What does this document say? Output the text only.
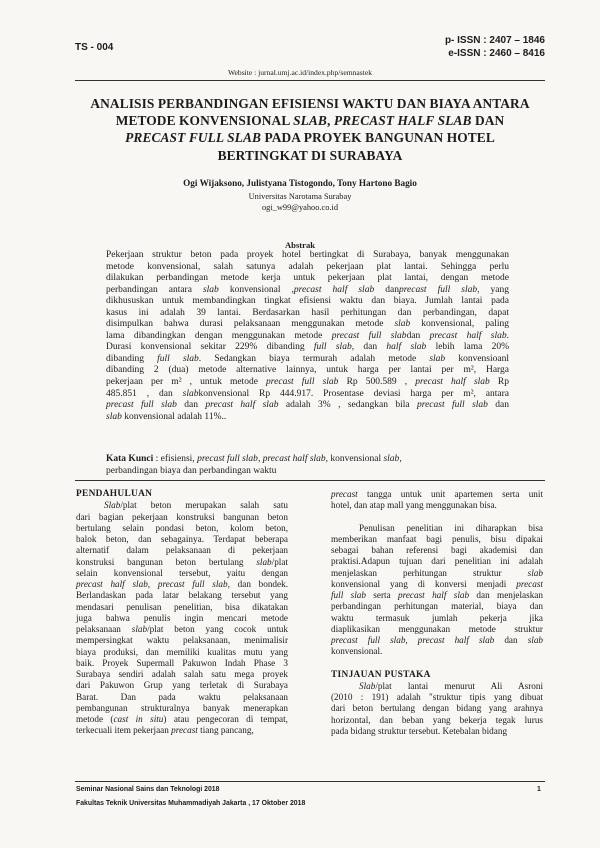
TS - 004
p- ISSN : 2407 – 1846
e-ISSN : 2460 – 8416
Website : jurnal.umj.ac.id/index.php/semnastek
ANALISIS PERBANDINGAN EFISIENSI WAKTU DAN BIAYA ANTARA
METODE KONVENSIONAL SLAB, PRECAST HALF SLAB DAN
PRECAST FULL SLAB PADA PROYEK BANGUNAN HOTEL
BERTINGKAT DI SURABAYA
Ogi Wijaksono, Julistyana Tistogondo, Tony Hartono Bagio
Universitas Narotama Surabay
ogi_w99@yahoo.co.id
Abstrak
Pekerjaan struktur beton pada proyek hotel bertingkat di Surabaya, banyak menggunakan
metode konvensional, salah satunya adalah pekerjaan plat lantai. Sehingga perlu
dilakukan perbandingan metode kerja untuk pekerjaan plat lantai, dengan metode
perbandingan antara slab konvensional ,precast half slab danprecast full slab, yang
dikhususkan untuk membandingkan tingkat efisiensi waktu dan biaya. Jumlah lantai pada
kasus ini adalah 39 lantai. Berdasarkan hasil perhitungan dan perbandingan, dapat
disimpulkan bahwa durasi pelaksanaan menggunakan metode slab konvensional, paling
lama dibandingkan dengan menggunakan metode precast full slabdan precast half slab.
Durasi konvensional sekitar 229% dibanding full slab, dan half slab lebih lama 20%
dibanding full slab. Sedangkan biaya termurah adalah metode slab konvensioanl
dibanding 2 (dua) metode alternative lainnya, untuk harga per lantai per m², Harga
pekerjaan per m² , untuk metode precast full slab Rp 500.589 , precast half slab Rp
485.851 , dan slabkonvensional Rp 444.917. Prosentase deviasi harga per m², antara
precast full slab dan precast half slab adalah 3% , sedangkan bila precast full slab dan
slab konvensional adalah 11%..
Kata Kunci : efisiensi, precast full slab, precast half slab, konvensional slab,
perbandingan biaya dan perbandingan waktu
PENDAHULUAN
Slab/plat beton merupakan salah satu
dari bagian pekerjaan konstruksi bangunan beton
bertulang selain pondasi beton, kolom beton,
balok beton, dan sebagainya. Terdapat beberapa
alternatif dalam pelaksanaan di pekerjaan
konstruksi bangunan beton bertulang slab/plat
selain konvensional tersebut, yaitu dengan
precast half slab, precast full slab, dan bondek.
Berlandaskan pada latar belakang tersebut yang
mendasari penulisan penelitian, bisa dikatakan
juga bahwa penulis ingin mencari metode
pelaksanaan slab/plat beton yang cocok untuk
mempersingkat waktu pelaksanaan, menimalisir
biaya produksi, dan memiliki kualitas mutu yang
baik. Proyek Supermall Pakuwon Indah Phase 3
Surabaya sendiri adalah salah satu mega proyek
dari Pakuwon Grup yang terletak di Surabaya
Barat. Dan pada waktu pelaksanaan
pembangunan strukturalnya banyak menerapkan
metode (cast in situ) atau pengecoran di tempat,
terkecuali item pekerjaan precast tiang pancang,
precast tangga untuk unit apartemen serta unit
hotel, dan atap mall yang menggunakan bisa.
Penulisan penelitian ini diharapkan bisa
memberikan manfaat bagi penulis, bisu dipakai
sebagai bahan referensi bagi akademisi dan
praktisi.Adapun tujuan dari penelitian ini adalah
menjelaskan perhitungan struktur slab
konvensional yang di konversi menjadi precast
full slab serta precast half slab dan menjelaskan
perbandingan perhitungan material, biaya dan
waktu termasuk jumlah pekerja jika
diaplikasikan menggunakan metode struktur
precast full slab, precast half slab dan slab
konvensional.
TINJAUAN PUSTAKA
Slab/plat lantai menurut Ali Asroni
(2010 : 191) adalah "struktur tipis yang dibuat
dari beton bertulang dengan bidang yang arahnya
horizontal, dan beban yang bekerja tegak lurus
pada bidang struktur tersebut. Ketebalan bidang
Seminar Nasional Sains dan Teknologi 2018
Fakultas Teknik Universitas Muhammadiyah Jakarta , 17 Oktober 2018
1
